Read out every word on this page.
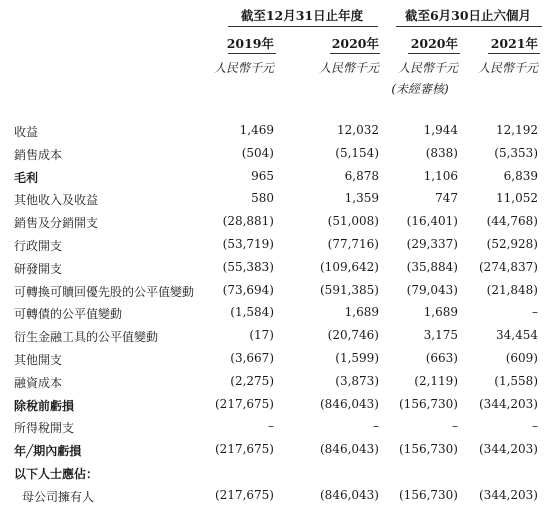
截至12月31日止年度	截至6月30日止六個月
2019年	2020年	2020年	2021年
人民幣千元	人民幣千元 人民幣千元 人民幣千元
(未經審核)
收益	1,469	12,032	1,944	12,192
銷售成本	(504)	(5,154)	(838)	(5,353)
毛利	965	6,878	1,106	6,839
其他收入及收益	580	1,359	747	11,052
銷售及分銷開支	(28,881)	(51,008) (16,401) (44,768)
行政開支	(53,719)	(77,716) (29,337) (52,928)
研發開支	(55,383)	(109,642) (35,884) (274,837)
可轉換可贖回優先股的公平值變動 (73,694)	(591,385) (79,043) (21,848)
可轉債的公平值變動	(1,584)	1,689	1,689	–
衍生金融工具的公平值變動	(17)	(20,746)	3,175	34,454
其他開支	(3,667)	(1,599)	(663)	(609)
融資成本	(2,275)	(3,873)	(2,119)	(1,558)
除稅前虧損	(217,675)	(846,043) (156,730) (344,203)
所得稅開支	–	–	–	–
年╱期內虧損	(217,675)	(846,043) (156,730) (344,203)
以下人士應佔：
母公司擁有人	(217,675)	(846,043) (156,730) (344,203)
